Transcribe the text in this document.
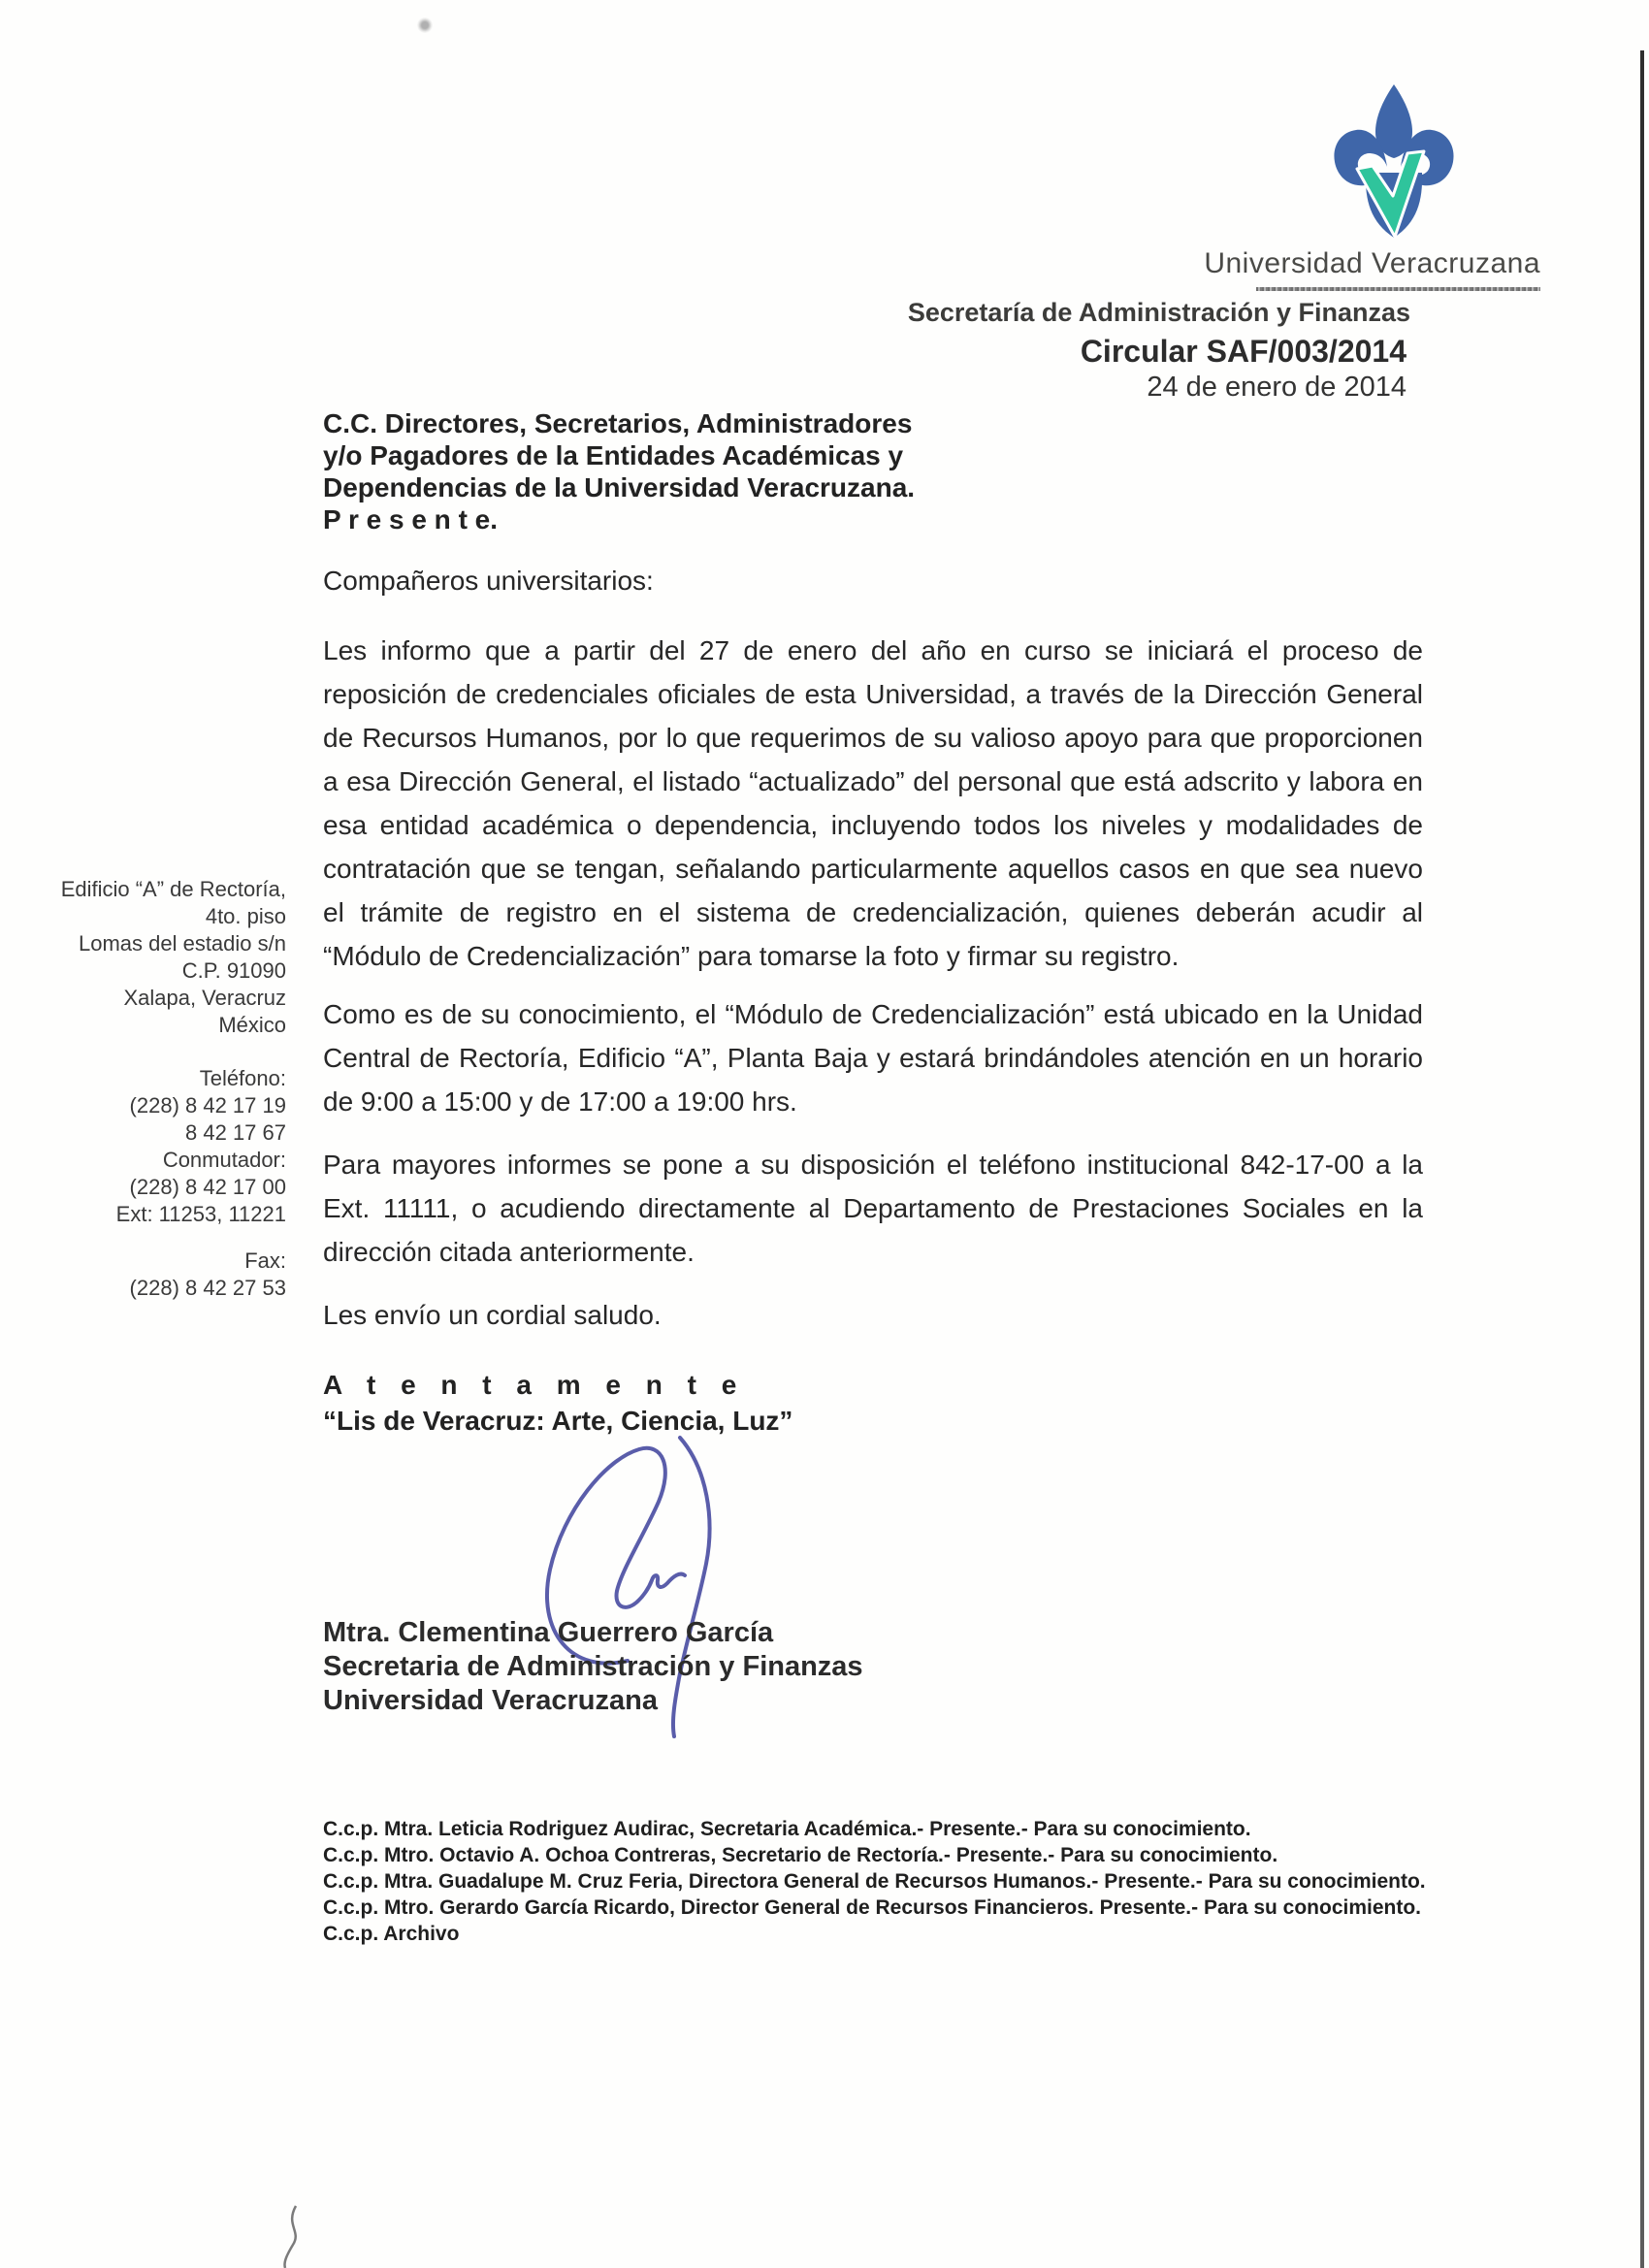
Universidad Veracruzana
Secretaría de Administración y Finanzas
Circular SAF/003/2014
24 de enero de 2014
C.C. Directores, Secretarios, Administradores
y/o Pagadores de la Entidades Académicas y
Dependencias de la Universidad Veracruzana.
P r e s e n t e.
Compañeros universitarios:
Les informo que a partir del 27 de enero del año en curso se iniciará el proceso de reposición de credenciales oficiales de esta Universidad, a través de la Dirección General de Recursos Humanos, por lo que requerimos de su valioso apoyo para que proporcionen a esa Dirección General, el listado “actualizado” del personal que está adscrito y labora en esa entidad académica o dependencia, incluyendo todos los niveles y modalidades de contratación que se tengan, señalando particularmente aquellos casos en que sea nuevo el trámite de registro en el sistema de credencialización, quienes deberán acudir al “Módulo de Credencialización” para tomarse la foto y firmar su registro.
Como es de su conocimiento, el “Módulo de Credencialización” está ubicado en la Unidad Central de Rectoría, Edificio “A”, Planta Baja y estará brindándoles atención en un horario de 9:00 a 15:00 y de 17:00 a 19:00 hrs.
Para mayores informes se pone a su disposición el teléfono institucional 842-17-00 a la Ext. 11111, o acudiendo directamente al Departamento de Prestaciones Sociales en la dirección citada anteriormente.
Les envío un cordial saludo.
A t e n t a m e n t e
“Lis de Veracruz: Arte, Ciencia, Luz”
Mtra. Clementina Guerrero García
Secretaria de Administración y Finanzas
Universidad Veracruzana
C.c.p. Mtra. Leticia Rodriguez Audirac, Secretaria Académica.- Presente.- Para su conocimiento.
C.c.p. Mtro. Octavio A. Ochoa Contreras, Secretario de Rectoría.- Presente.- Para su conocimiento.
C.c.p. Mtra. Guadalupe M. Cruz Feria, Directora General de Recursos Humanos.- Presente.- Para su conocimiento.
C.c.p. Mtro. Gerardo García Ricardo, Director General de Recursos Financieros. Presente.- Para su conocimiento.
C.c.p. Archivo
Edificio “A” de Rectoría,
4to. piso
Lomas del estadio s/n
C.P. 91090
Xalapa, Veracruz
México
Teléfono:
(228) 8 42 17 19
8 42 17 67
Conmutador:
(228) 8 42 17 00
Ext: 11253, 11221
Fax:
(228) 8 42 27 53
